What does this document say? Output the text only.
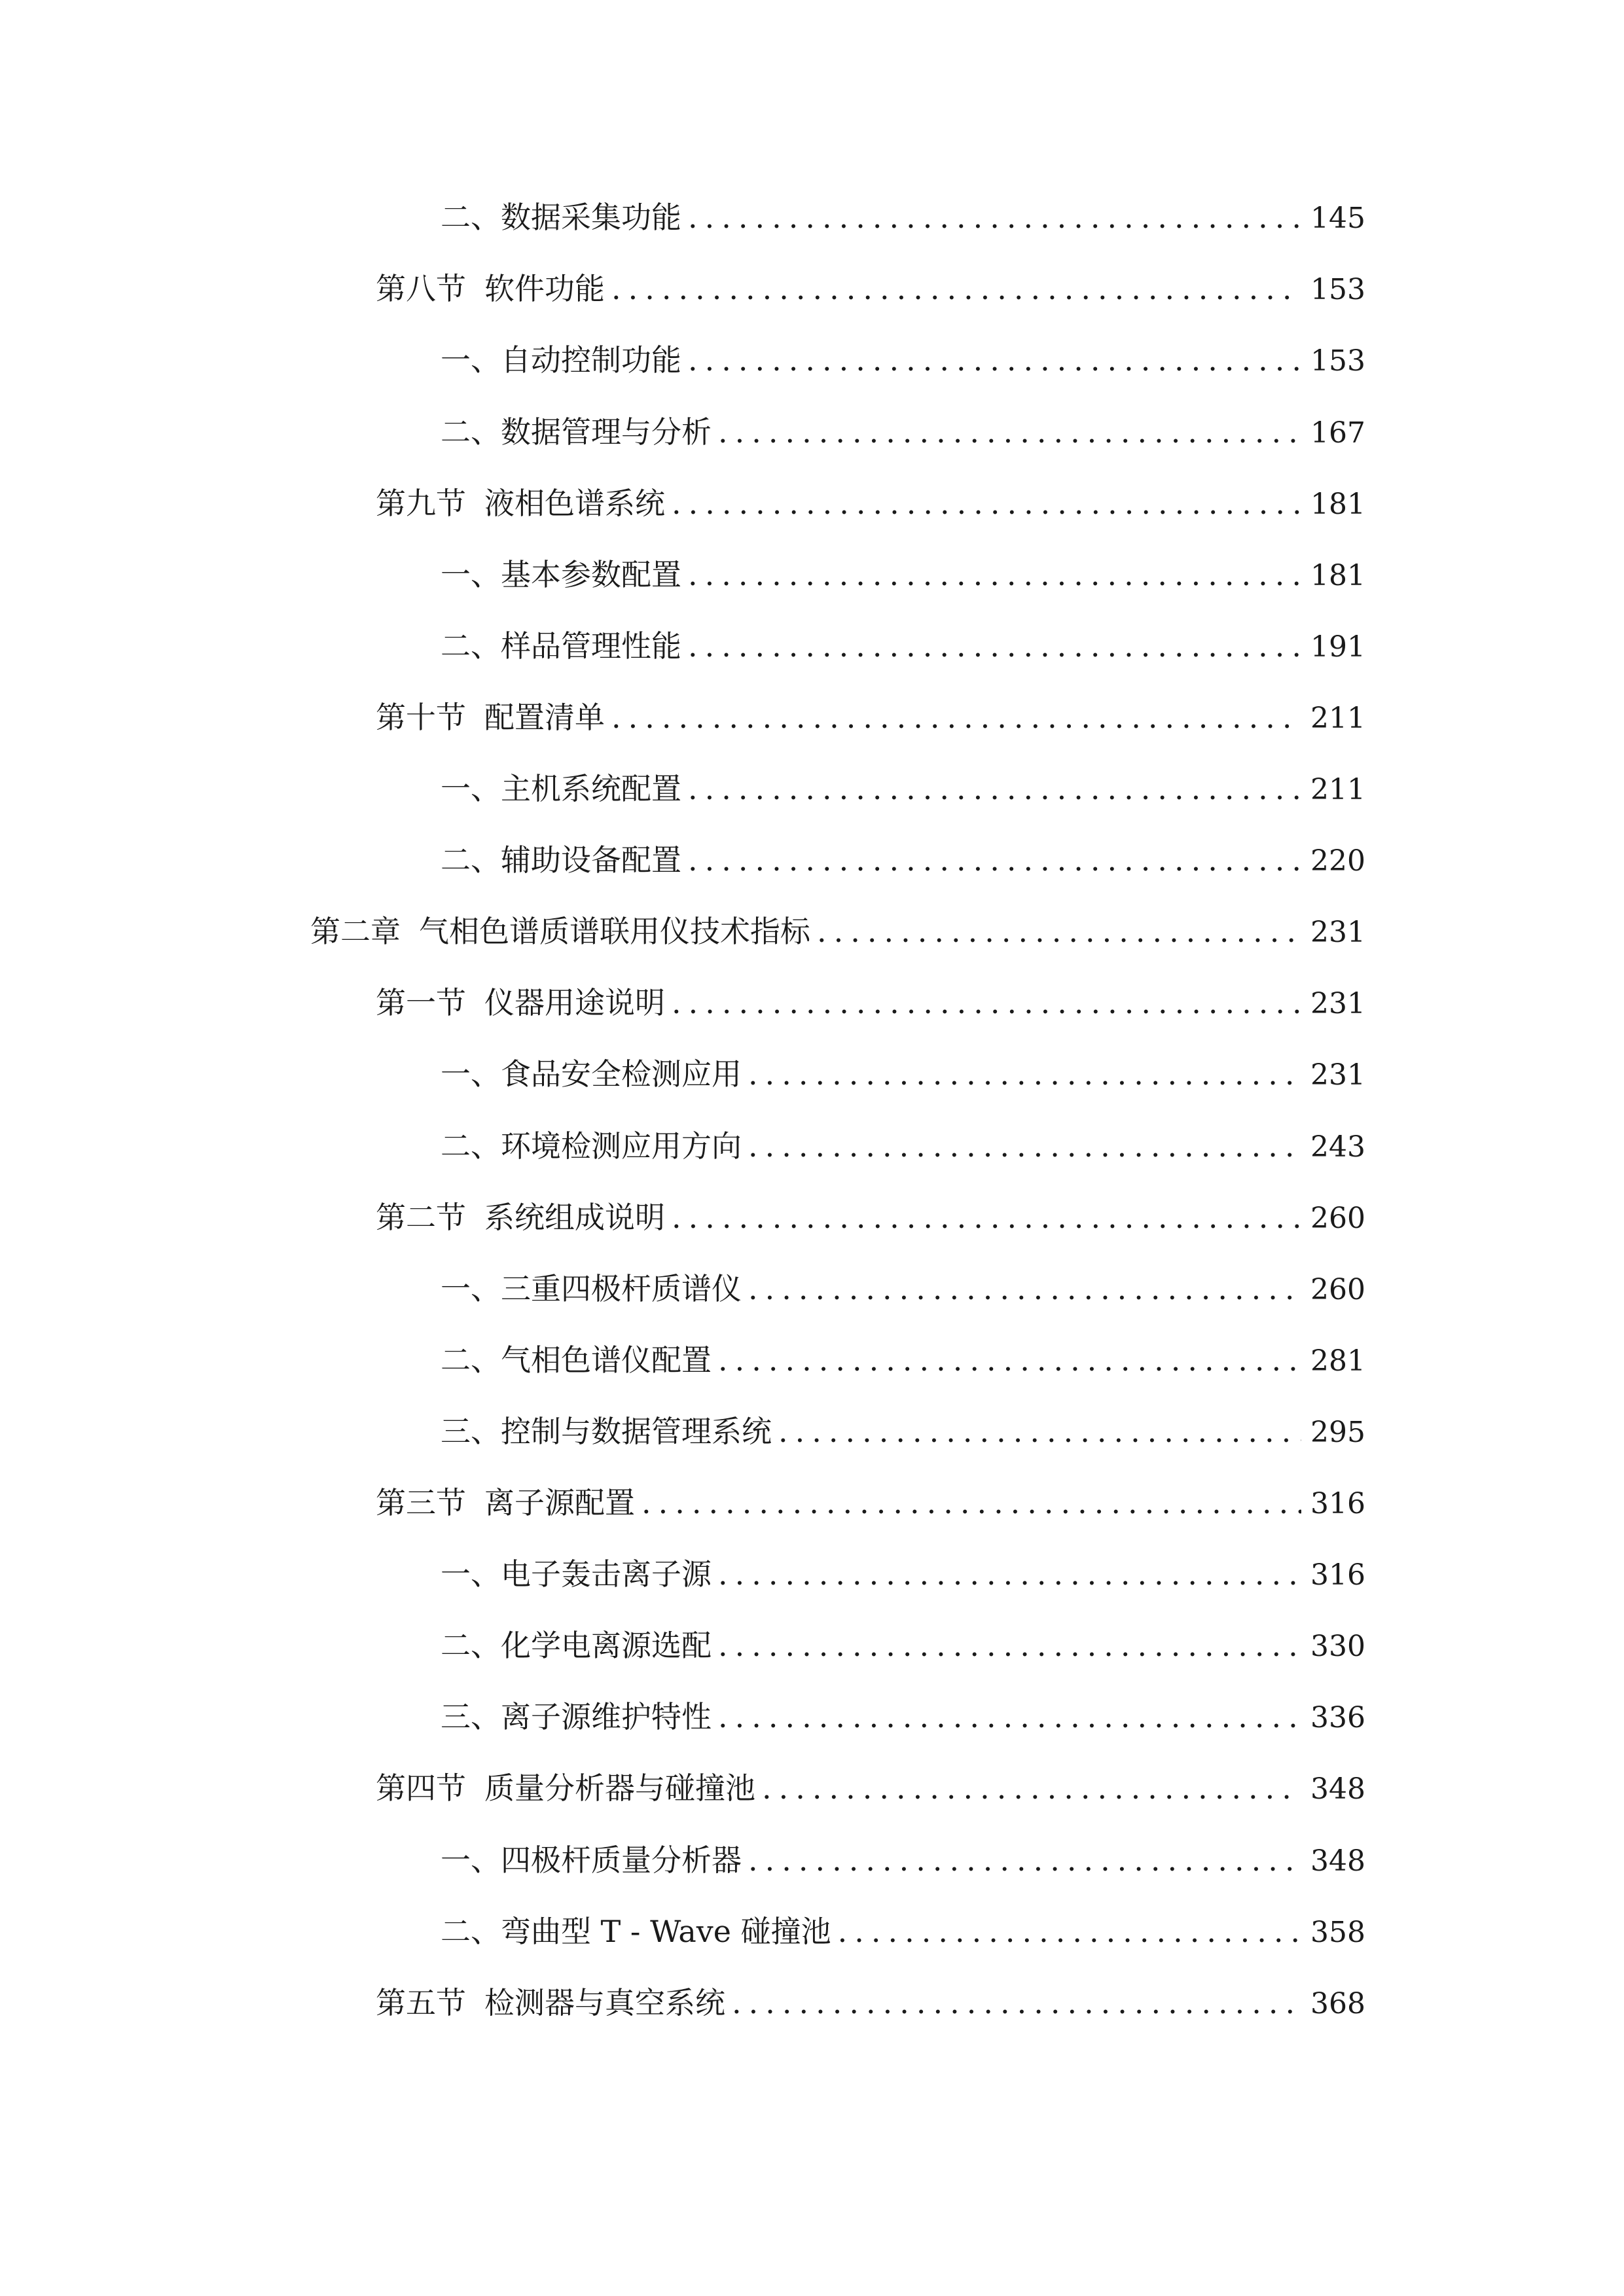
二、 数据采集功能 .....	145
第八节 软件功能 .....	153
一、 自动控制功能 .....	153
二、 数据管理与分析 .....	167
第九节 液相色谱系统 .....	181
一、 基本参数配置 .....	181
二、 样品管理性能 .....	191
第十节 配置清单 .....	211
一、 主机系统配置 .....	211
二、 辅助设备配置 .....	220
第二章 气相色谱质谱联用仪技术指标 .....	231
第一节 仪器用途说明 .....	231
一、 食品安全检测应用 .....	231
二、 环境检测应用方向 .....	243
第二节 系统组成说明 .....	260
一、 三重四极杆质谱仪 .....	260
二、 气相色谱仪配置 .....	281
三、 控制与数据管理系统 .....	295
第三节 离子源配置 .....	316
一、 电子轰击离子源 .....	316
二、 化学电离源选配 .....	330
三、 离子源维护特性 .....	336
第四节 质量分析器与碰撞池 .....	348
一、 四极杆质量分析器 .....	348
二、 弯曲型 T - Wave 碰撞池 .....	358
第五节 检测器与真空系统 .....	368
